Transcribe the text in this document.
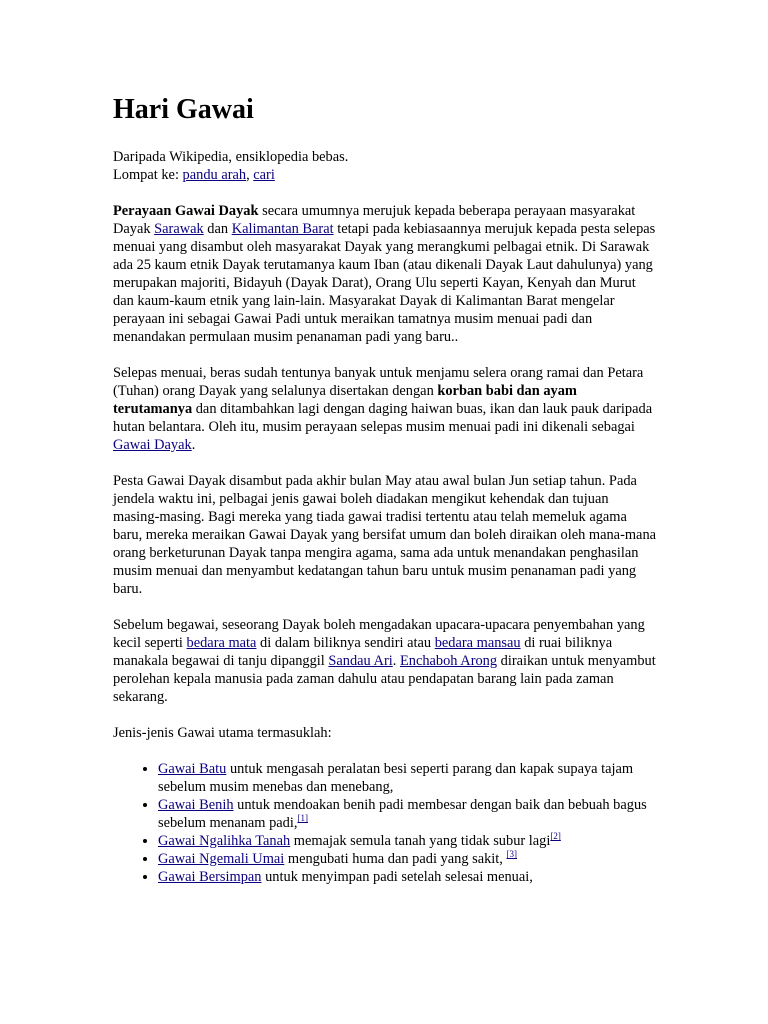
Hari Gawai
Daripada Wikipedia, ensiklopedia bebas.
Lompat ke: pandu arah, cari

Perayaan Gawai Dayak secara umumnya merujuk kepada beberapa perayaan masyarakat Dayak Sarawak dan Kalimantan Barat tetapi pada kebiasaannya merujuk kepada pesta selepas menuai yang disambut oleh masyarakat Dayak yang merangkumi pelbagai etnik. Di Sarawak ada 25 kaum etnik Dayak terutamanya kaum Iban (atau dikenali Dayak Laut dahulunya) yang merupakan majoriti, Bidayuh (Dayak Darat), Orang Ulu seperti Kayan, Kenyah dan Murut dan kaum-kaum etnik yang lain-lain. Masyarakat Dayak di Kalimantan Barat mengelar perayaan ini sebagai Gawai Padi untuk meraikan tamatnya musim menuai padi dan menandakan permulaan musim penanaman padi yang baru..

Selepas menuai, beras sudah tentunya banyak untuk menjamu selera orang ramai dan Petara (Tuhan) orang Dayak yang selalunya disertakan dengan korban babi dan ayam terutamanya dan ditambahkan lagi dengan daging haiwan buas, ikan dan lauk pauk daripada hutan belantara. Oleh itu, musim perayaan selepas musim menuai padi ini dikenali sebagai Gawai Dayak.

Pesta Gawai Dayak disambut pada akhir bulan May atau awal bulan Jun setiap tahun. Pada jendela waktu ini, pelbagai jenis gawai boleh diadakan mengikut kehendak dan tujuan masing-masing. Bagi mereka yang tiada gawai tradisi tertentu atau telah memeluk agama baru, mereka meraikan Gawai Dayak yang bersifat umum dan boleh diraikan oleh mana-mana orang berketurunan Dayak tanpa mengira agama, sama ada untuk menandakan penghasilan musim menuai dan menyambut kedatangan tahun baru untuk musim penanaman padi yang baru.

Sebelum begawai, seseorang Dayak boleh mengadakan upacara-upacara penyembahan yang kecil seperti bedara mata di dalam biliknya sendiri atau bedara mansau di ruai biliknya manakala begawai di tanju dipanggil Sandau Ari. Enchaboh Arong diraikan untuk menyambut perolehan kepala manusia pada zaman dahulu atau pendapatan barang lain pada zaman sekarang.

Jenis-jenis Gawai utama termasuklah:

• Gawai Batu untuk mengasah peralatan besi seperti parang dan kapak supaya tajam sebelum musim menebas dan menebang,
• Gawai Benih untuk mendoakan benih padi membesar dengan baik dan bebuah bagus sebelum menanam padi,[1]
• Gawai Ngalihka Tanah memajak semula tanah yang tidak subur lagi[2]
• Gawai Ngemali Umai mengubati huma dan padi yang sakit, [3]
• Gawai Bersimpan untuk menyimpan padi setelah selesai menuai,
